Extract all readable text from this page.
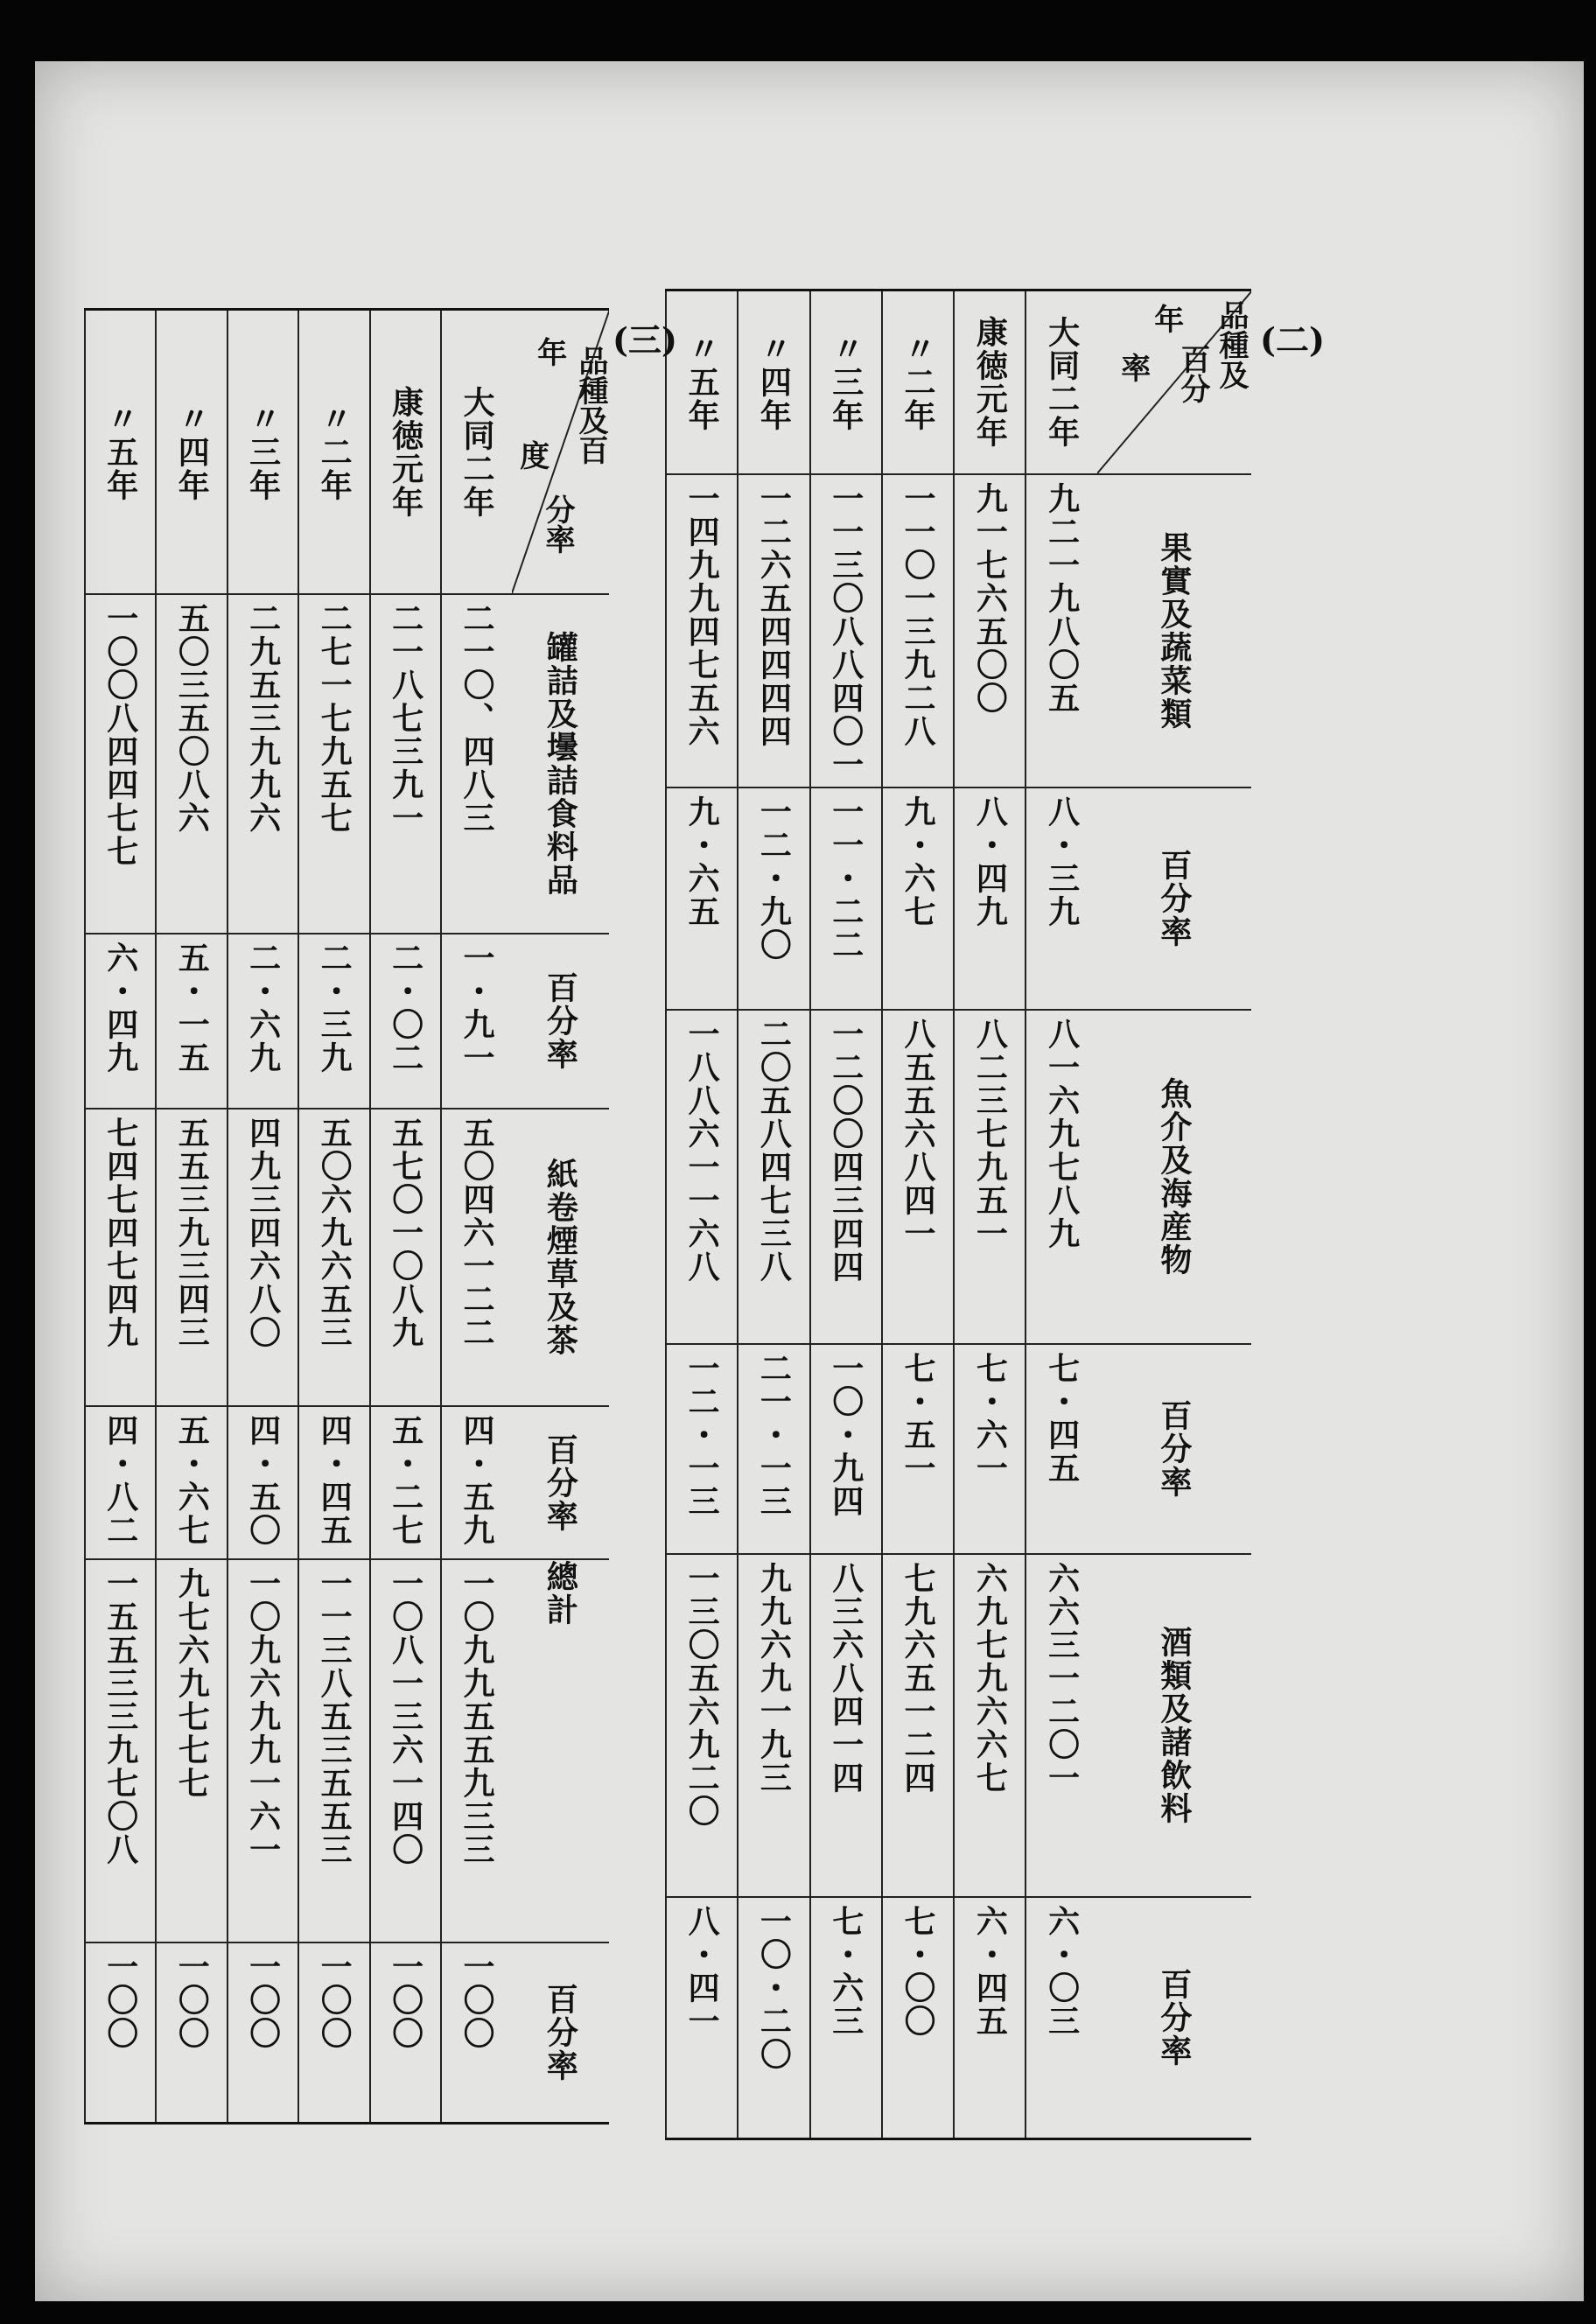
(二)
品種及
百分
年
率
果實及蔬菜類
百分率
魚介及海産物
百分率
酒類及諸飲料
百分率
大同二年
九二一九八〇五
八・三九
八一六九七八九
七・四五
六六三一二〇一
六・〇三
康徳元年
九一七六五〇〇
八・四九
八二三七九五一
七・六一
六九七九六六七
六・四五
〃二年
一一〇一三九二八
九・六七
八五五六八四一
七・五一
七九六五一二四
七・〇〇
〃三年
一一三〇八八四〇一
一一・二二
一二〇〇四三四四
一〇・九四
八三六八四一四
七・六三
〃四年
一二六五四四四四
一二・九〇
二〇五八四七三八
二一・一三
九九六九一九三
一〇・二〇
〃五年
一四九九四七五六
九・六五
一八八六一一六八
一二・一三
一三〇五六九二〇
八・四一
(三)
品種及百
分率
年
度
罐詰及壜詰食料品
百分率
紙卷煙草及茶
百分率
總計
百分率
大同二年
二一〇、四八三
一・九一
五〇四六一二二
四・五九
一〇九九五五九三三
一〇〇
康徳元年
二一八七三九一
二・〇二
五七〇一〇八九
五・二七
一〇八一三六一四〇
一〇〇
〃二年
二七一七九五七
二・三九
五〇六九六五三
四・四五
一一三八五三五五三
一〇〇
〃三年
二九五三九九六
二・六九
四九三四六八〇
四・五〇
一〇九六九九一六一
一〇〇
〃四年
五〇三五〇八六
五・一五
五五三九三四三
五・六七
九七六九七七七
一〇〇
〃五年
一〇〇八四四七七
六・四九
七四七四七四九
四・八二
一五五三三九七〇八
一〇〇
